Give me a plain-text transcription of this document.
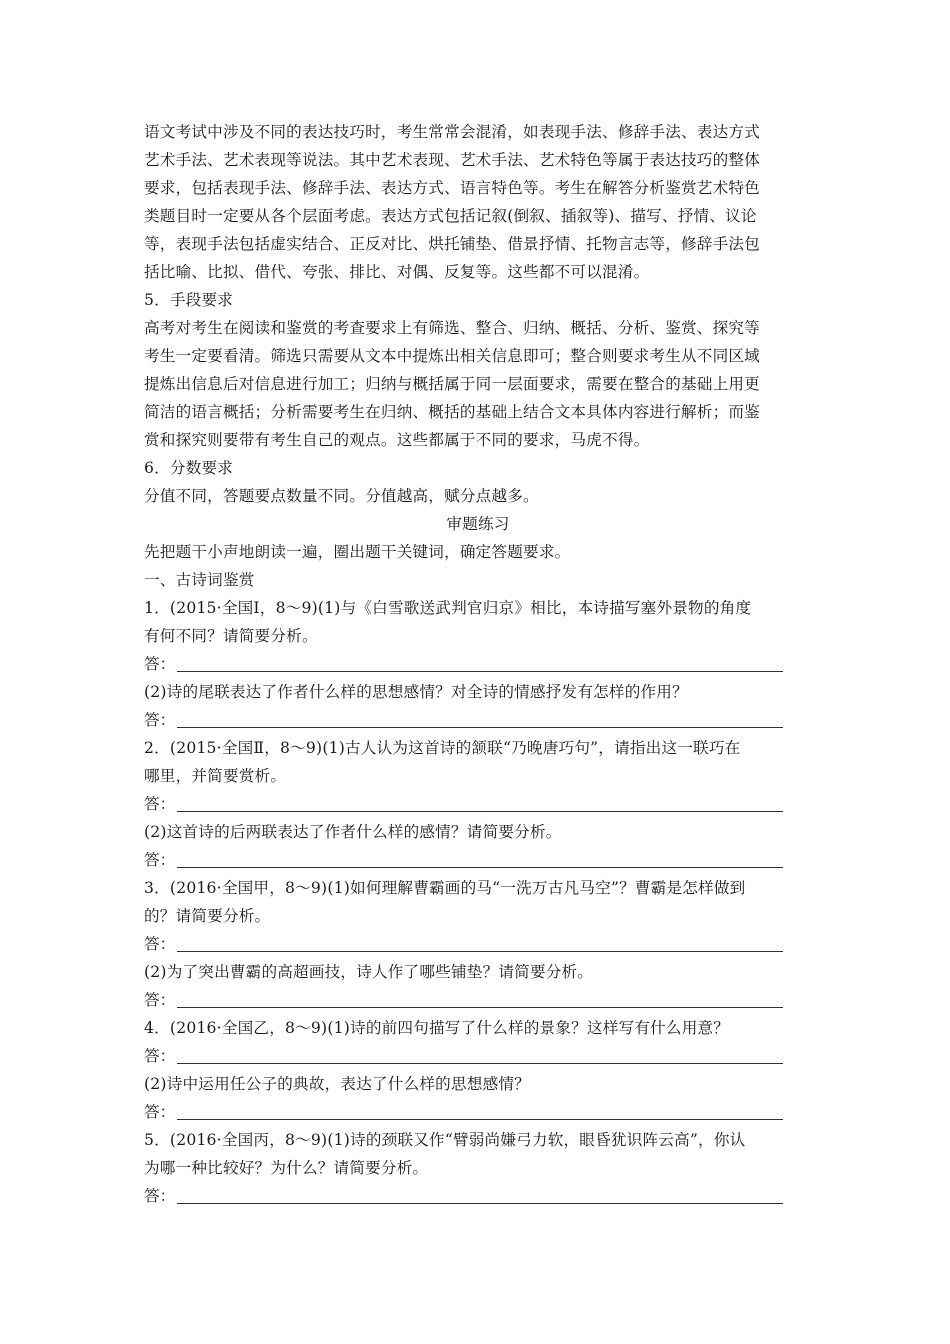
语文考试中涉及不同的表达技巧时，考生常常会混淆，如表现手法、修辞手法、表达方式
艺术手法、艺术表现等说法。其中艺术表现、艺术手法、艺术特色等属于表达技巧的整体
要求，包括表现手法、修辞手法、表达方式、语言特色等。考生在解答分析鉴赏艺术特色
类题目时一定要从各个层面考虑。表达方式包括记叙(倒叙、插叙等)、描写、抒情、议论
等，表现手法包括虚实结合、正反对比、烘托铺垫、借景抒情、托物言志等，修辞手法包
括比喻、比拟、借代、夸张、排比、对偶、反复等。这些都不可以混淆。
5．手段要求
高考对考生在阅读和鉴赏的考查要求上有筛选、整合、归纳、概括、分析、鉴赏、探究等
考生一定要看清。筛选只需要从文本中提炼出相关信息即可；整合则要求考生从不同区域
提炼出信息后对信息进行加工；归纳与概括属于同一层面要求，需要在整合的基础上用更
简洁的语言概括；分析需要考生在归纳、概括的基础上结合文本具体内容进行解析；而鉴
赏和探究则要带有考生自己的观点。这些都属于不同的要求，马虎不得。
6．分数要求
分值不同，答题要点数量不同。分值越高，赋分点越多。
审题练习
先把题干小声地朗读一遍，圈出题干关键词，确定答题要求。
一、古诗词鉴赏
1．(2015·全国Ⅰ，8～9)(1)与《白雪歌送武判官归京》相比，本诗描写塞外景物的角度
有何不同？请简要分析。
答：
(2)诗的尾联表达了作者什么样的思想感情？对全诗的情感抒发有怎样的作用？
答：
2．(2015·全国Ⅱ，8～9)(1)古人认为这首诗的颔联“乃晚唐巧句”，请指出这一联巧在
哪里，并简要赏析。
答：
(2)这首诗的后两联表达了作者什么样的感情？请简要分析。
答：
3．(2016·全国甲，8～9)(1)如何理解曹霸画的马“一洗万古凡马空”？曹霸是怎样做到
的？请简要分析。
答：
(2)为了突出曹霸的高超画技，诗人作了哪些铺垫？请简要分析。
答：
4．(2016·全国乙，8～9)(1)诗的前四句描写了什么样的景象？这样写有什么用意？
答：
(2)诗中运用任公子的典故，表达了什么样的思想感情？
答：
5．(2016·全国丙，8～9)(1)诗的颈联又作“臂弱尚嫌弓力软，眼昏犹识阵云高”，你认
为哪一种比较好？为什么？请简要分析。
答：
